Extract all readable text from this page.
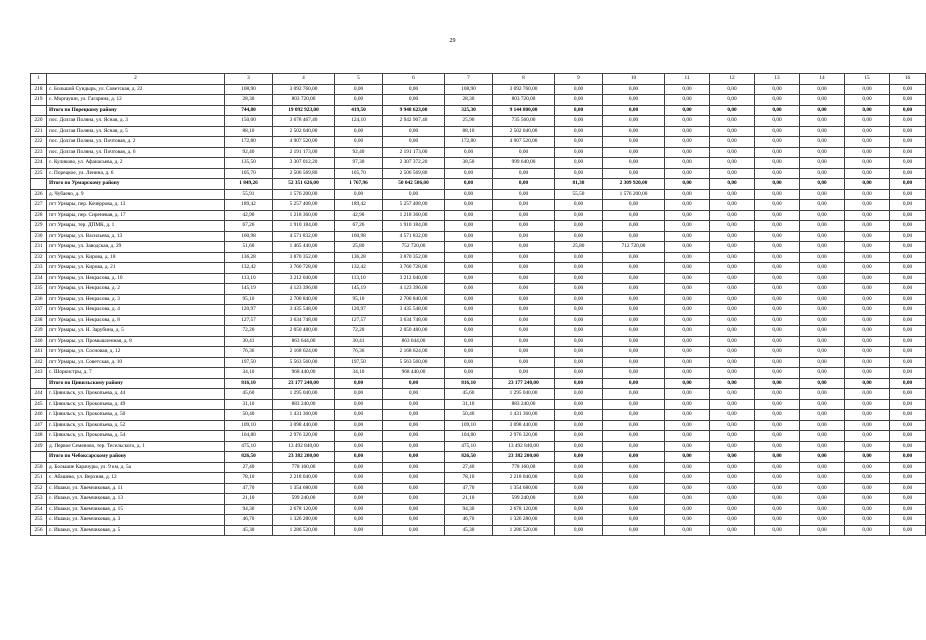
29
1	2	3	4	5	6	7	8	9	10	11	12	13	14	15	16
218	с. Большой Сундырь, ул. Советская, д. 22	108,90	3 092 760,00	0,00	0,00	108,90	3 092 760,00	0,00	0,00	0,00	0,00	0,00	0,00	0,00	0,00
219	с. Моргаушн, ул. Гагарина, д. 12	28,30	803 720,00	0,00	0,00	28,30	803 720,00	0,00	0,00	0,00	0,00	0,00	0,00	0,00	0,00
	Итого по Порецкому району	744,80	19 092 923,00	419,50	9 948 623,00	325,30	9 144 800,00	0,00	0,00	0,00	0,00	0,00	0,00	0,00	0,00
220	пос. Долгая Поляна, ул. Ясная, д. 3	150,00	3 678 467,40	124,10	2 942 907,40	25,90	735 560,00	0,00	0,00	0,00	0,00	0,00	0,00	0,00	0,00
221	пос. Долгая Поляна, ул. Ясная, д. 5	88,10	2 502 040,00	0,00	0,00	88,10	2 502 040,00	0,00	0,00	0,00	0,00	0,00	0,00	0,00	0,00
222	пос. Долгая Поляна, ул. Почтовая, д. 2	172,80	4 907 520,00	0,00	0,00	172,80	4 907 520,00	0,00	0,00	0,00	0,00	0,00	0,00	0,00	0,00
223	пос. Долгая Поляна, ул. Почтовая, д. 6	92,40	2 191 173,00	92,40	2 191 173,00	0,00	0,00	0,00	0,00	0,00	0,00	0,00	0,00	0,00	0,00
224	с. Куликово, ул. Афанасьева, д. 2	135,50	3 307 012,20	97,30	2 307 372,20	38,50	999 640,00	0,00	0,00	0,00	0,00	0,00	0,00	0,00	0,00
225	с. Порецкое, ул. Ленина, д. 6	105,70	2 506 569,80	105,70	2 506 569,80	0,00	0,00	0,00	0,00	0,00	0,00	0,00	0,00	0,00	0,00
	Итого по Урмарскому району	1 849,26	52 351 626,00	1 767,96	50 042 506,00	0,00	0,00	81,30	2 309 920,00	0,00	0,00	0,00	0,00	0,00	0,00
226	д. Чубаево, д. 9	55,91	1 576 200,00	0,00	0,00	0,00	0,00	55,50	1 576 200,00	0,00	0,00	0,00	0,00	0,00	0,00
227	пгт Урмары, пер. Кочеррова, д. 13	189,42	5 257 408,00	189,42	5 257 408,00	0,00	0,00	0,00	0,00	0,00	0,00	0,00	0,00	0,00	0,00
228	пгт Урмары, пер. Сиреневая, д. 17	42,90	1 218 360,00	42,90	1 218 360,00	0,00	0,00	0,00	0,00	0,00	0,00	0,00	0,00	0,00	0,00
229	пгт Урмары, тер. ДПМК, д. 1	67,26	1 910 184,00	67,26	1 910 184,00	0,00	0,00	0,00	0,00	0,00	0,00	0,00	0,00	0,00	0,00
230	пгт Урмары, ул. Васильева, д. 13	160,98	4 571 832,00	160,98	4 571 832,00	0,00	0,00	0,00	0,00	0,00	0,00	0,00	0,00	0,00	0,00
231	пгт Урмары, ул. Заводская, д. 29	51,60	1 465 440,00	25,80	752 720,00	0,00	0,00	25,80	712 720,00	0,00	0,00	0,00	0,00	0,00	0,00
232	пгт Урмары, ул. Кирова, д. 18	136,28	3 870 352,00	136,28	3 870 352,00	0,00	0,00	0,00	0,00	0,00	0,00	0,00	0,00	0,00	0,00
233	пгт Урмары, ул. Кирова, д. 21	132,42	3 760 728,00	132,42	3 760 728,00	0,00	0,00	0,00	0,00	0,00	0,00	0,00	0,00	0,00	0,00
234	пгт Урмары, ул. Некрасова, д. 10	113,10	3 212 040,00	113,10	3 212 040,00	0,00	0,00	0,00	0,00	0,00	0,00	0,00	0,00	0,00	0,00
235	пгт Урмары, ул. Некрасова, д. 2	145,19	4 123 396,00	145,19	4 123 396,00	0,00	0,00	0,00	0,00	0,00	0,00	0,00	0,00	0,00	0,00
236	пгт Урмары, ул. Некрасова, д. 3	95,10	2 700 840,00	95,10	2 700 840,00	0,00	0,00	0,00	0,00	0,00	0,00	0,00	0,00	0,00	0,00
237	пгт Урмары, ул. Некрасова, д. 4	120,97	3 435 548,00	120,97	3 435 548,00	0,00	0,00	0,00	0,00	0,00	0,00	0,00	0,00	0,00	0,00
238	пгт Урмары, ул. Некрасова, д. 8	127,57	3 634 748,00	127,57	3 634 748,00	0,00	0,00	0,00	0,00	0,00	0,00	0,00	0,00	0,00	0,00
239	пгт Урмары, ул. Н. Зарубина, д. 5	72,20	2 050 480,00	72,20	2 050 480,00	0,00	0,00	0,00	0,00	0,00	0,00	0,00	0,00	0,00	0,00
240	пгт Урмары, ул. Промышленная, д. 8	30,41	863 644,00	30,41	863 644,00	0,00	0,00	0,00	0,00	0,00	0,00	0,00	0,00	0,00	0,00
241	пгт Урмары, ул. Сосновая, д. 12	76,36	2 168 624,00	76,36	2 168 624,00	0,00	0,00	0,00	0,00	0,00	0,00	0,00	0,00	0,00	0,00
242	пгт Урмары, ул. Советская, д. 10	197,50	5 563 560,00	197,50	5 563 560,00	0,00	0,00	0,00	0,00	0,00	0,00	0,00	0,00	0,00	0,00
243	с. Шоркистры, д. 7	34,10	968 440,00	34,10	968 440,00	0,00	0,00	0,00	0,00	0,00	0,00	0,00	0,00	0,00	0,00
	Итого по Цивильскому району	816,10	23 177 240,00	0,00	0,00	816,10	23 177 240,00	0,00	0,00	0,00	0,00	0,00	0,00	0,00	0,00
244	г. Цивильск, ул. Прокопьева, д. 44	45,60	1 295 040,00	0,00	0,00	45,60	1 295 040,00	0,00	0,00	0,00	0,00	0,00	0,00	0,00	0,00
245	г. Цивильск, ул. Прокопьева, д. 49	31,10	883 240,00	0,00	0,00	31,10	883 240,00	0,00	0,00	0,00	0,00	0,00	0,00	0,00	0,00
246	г. Цивильск, ул. Прокопьева, д. 50	50,40	1 431 360,00	0,00	0,00	50,40	1 431 360,00	0,00	0,00	0,00	0,00	0,00	0,00	0,00	0,00
247	г. Цивильск, ул. Прокопьева, д. 52	109,10	3 098 440,00	0,00	0,00	109,10	3 098 440,00	0,00	0,00	0,00	0,00	0,00	0,00	0,00	0,00
248	г. Цивильск, ул. Прокопьева, д. 54	104,80	2 976 320,00	0,00	0,00	104,80	2 976 320,00	0,00	0,00	0,00	0,00	0,00	0,00	0,00	0,00
249	д. Первое Семеново, тер. Тесельского, д. 1	475,10	13 492 840,00	0,00	0,00	475,10	13 492 840,00	0,00	0,00	0,00	0,00	0,00	0,00	0,00	0,00
	Итого по Чебоксарскому району	826,50	23 382 200,00	0,00	0,00	826,50	23 382 200,00	0,00	0,00	0,00	0,00	0,00	0,00	0,00	0,00
250	д. Большие Карачуры, ул. 9 км, д. 5а	27,40	778 160,00	0,00	0,00	27,40	778 160,00	0,00	0,00	0,00	0,00	0,00	0,00	0,00	0,00
251	с. Абашево, ул. Верхняя, д. 12	78,10	2 218 040,00	0,00	0,00	78,10	2 218 040,00	0,00	0,00	0,00	0,00	0,00	0,00	0,00	0,00
252	с. Ишаки, ул. Хвемчиковая, д. 11	47,70	1 354 680,00	0,00	0,00	47,70	1 354 680,00	0,00	0,00	0,00	0,00	0,00	0,00	0,00	0,00
253	с. Ишаки, ул. Хвемчиковая, д. 13	21,10	599 240,00	0,00	0,00	21,10	599 240,00	0,00	0,00	0,00	0,00	0,00	0,00	0,00	0,00
254	с. Ишаки, ул. Хвемчиковая, д. 15	94,30	2 678 120,00	0,00	0,00	94,30	2 678 120,00	0,00	0,00	0,00	0,00	0,00	0,00	0,00	0,00
255	с. Ишаки, ул. Хвемчиковая, д. 3	46,70	1 326 280,00	0,00	0,00	46,70	1 326 280,00	0,00	0,00	0,00	0,00	0,00	0,00	0,00	0,00
256	с. Ишаки, ул. Хвемчиковая, д. 5	45,30	1 286 520,00	0,00	0,00	45,30	1 286 520,00	0,00	0,00	0,00	0,00	0,00	0,00	0,00	0,00
